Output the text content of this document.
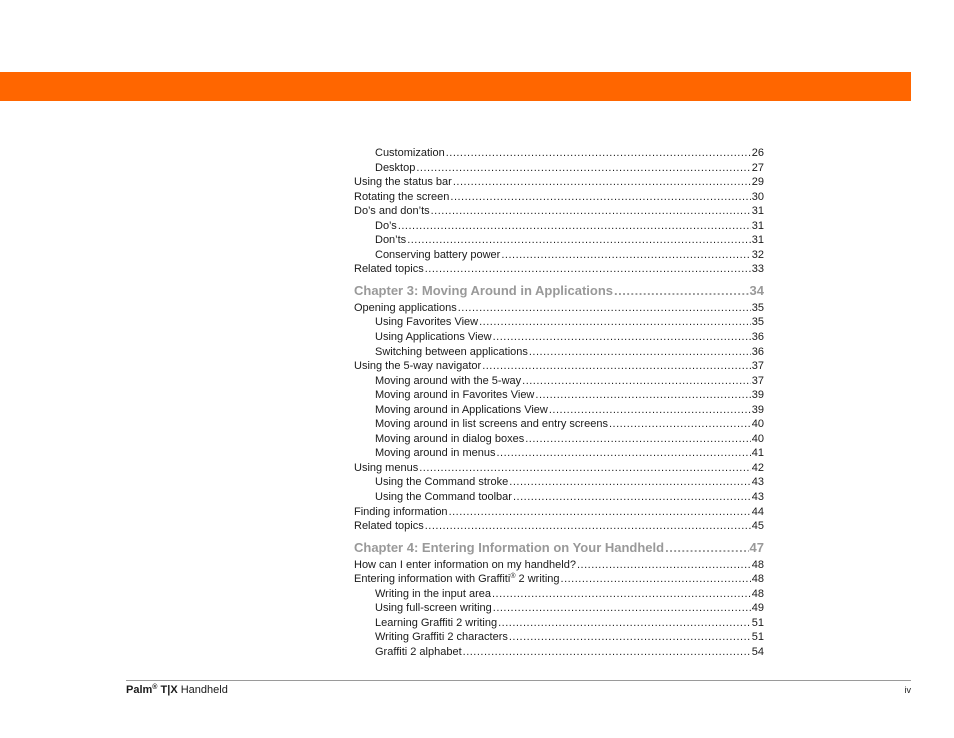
Customization .....	26
Desktop .....	27
Using the status bar .....	29
Rotating the screen .....	30
Do’s and don’ts .....	31
Do’s .....	31
Don’ts .....	31
Conserving battery power .....	32
Related topics .....	33
Chapter 3: Moving Around in Applications .....	34
Opening applications .....	35
Using Favorites View .....	35
Using Applications View .....	36
Switching between applications .....	36
Using the 5-way navigator .....	37
Moving around with the 5-way .....	37
Moving around in Favorites View .....	39
Moving around in Applications View .....	39
Moving around in list screens and entry screens .....	40
Moving around in dialog boxes .....	40
Moving around in menus .....	41
Using menus .....	42
Using the Command stroke .....	43
Using the Command toolbar .....	43
Finding information .....	44
Related topics .....	45
Chapter 4: Entering Information on Your Handheld .....	47
How can I enter information on my handheld? .....	48
Entering information with Graffiti® 2 writing .....	48
Writing in the input area .....	48
Using full-screen writing .....	49
Learning Graffiti 2 writing .....	51
Writing Graffiti 2 characters .....	51
Graffiti 2 alphabet .....	54
Palm® T|X Handheld	iv
